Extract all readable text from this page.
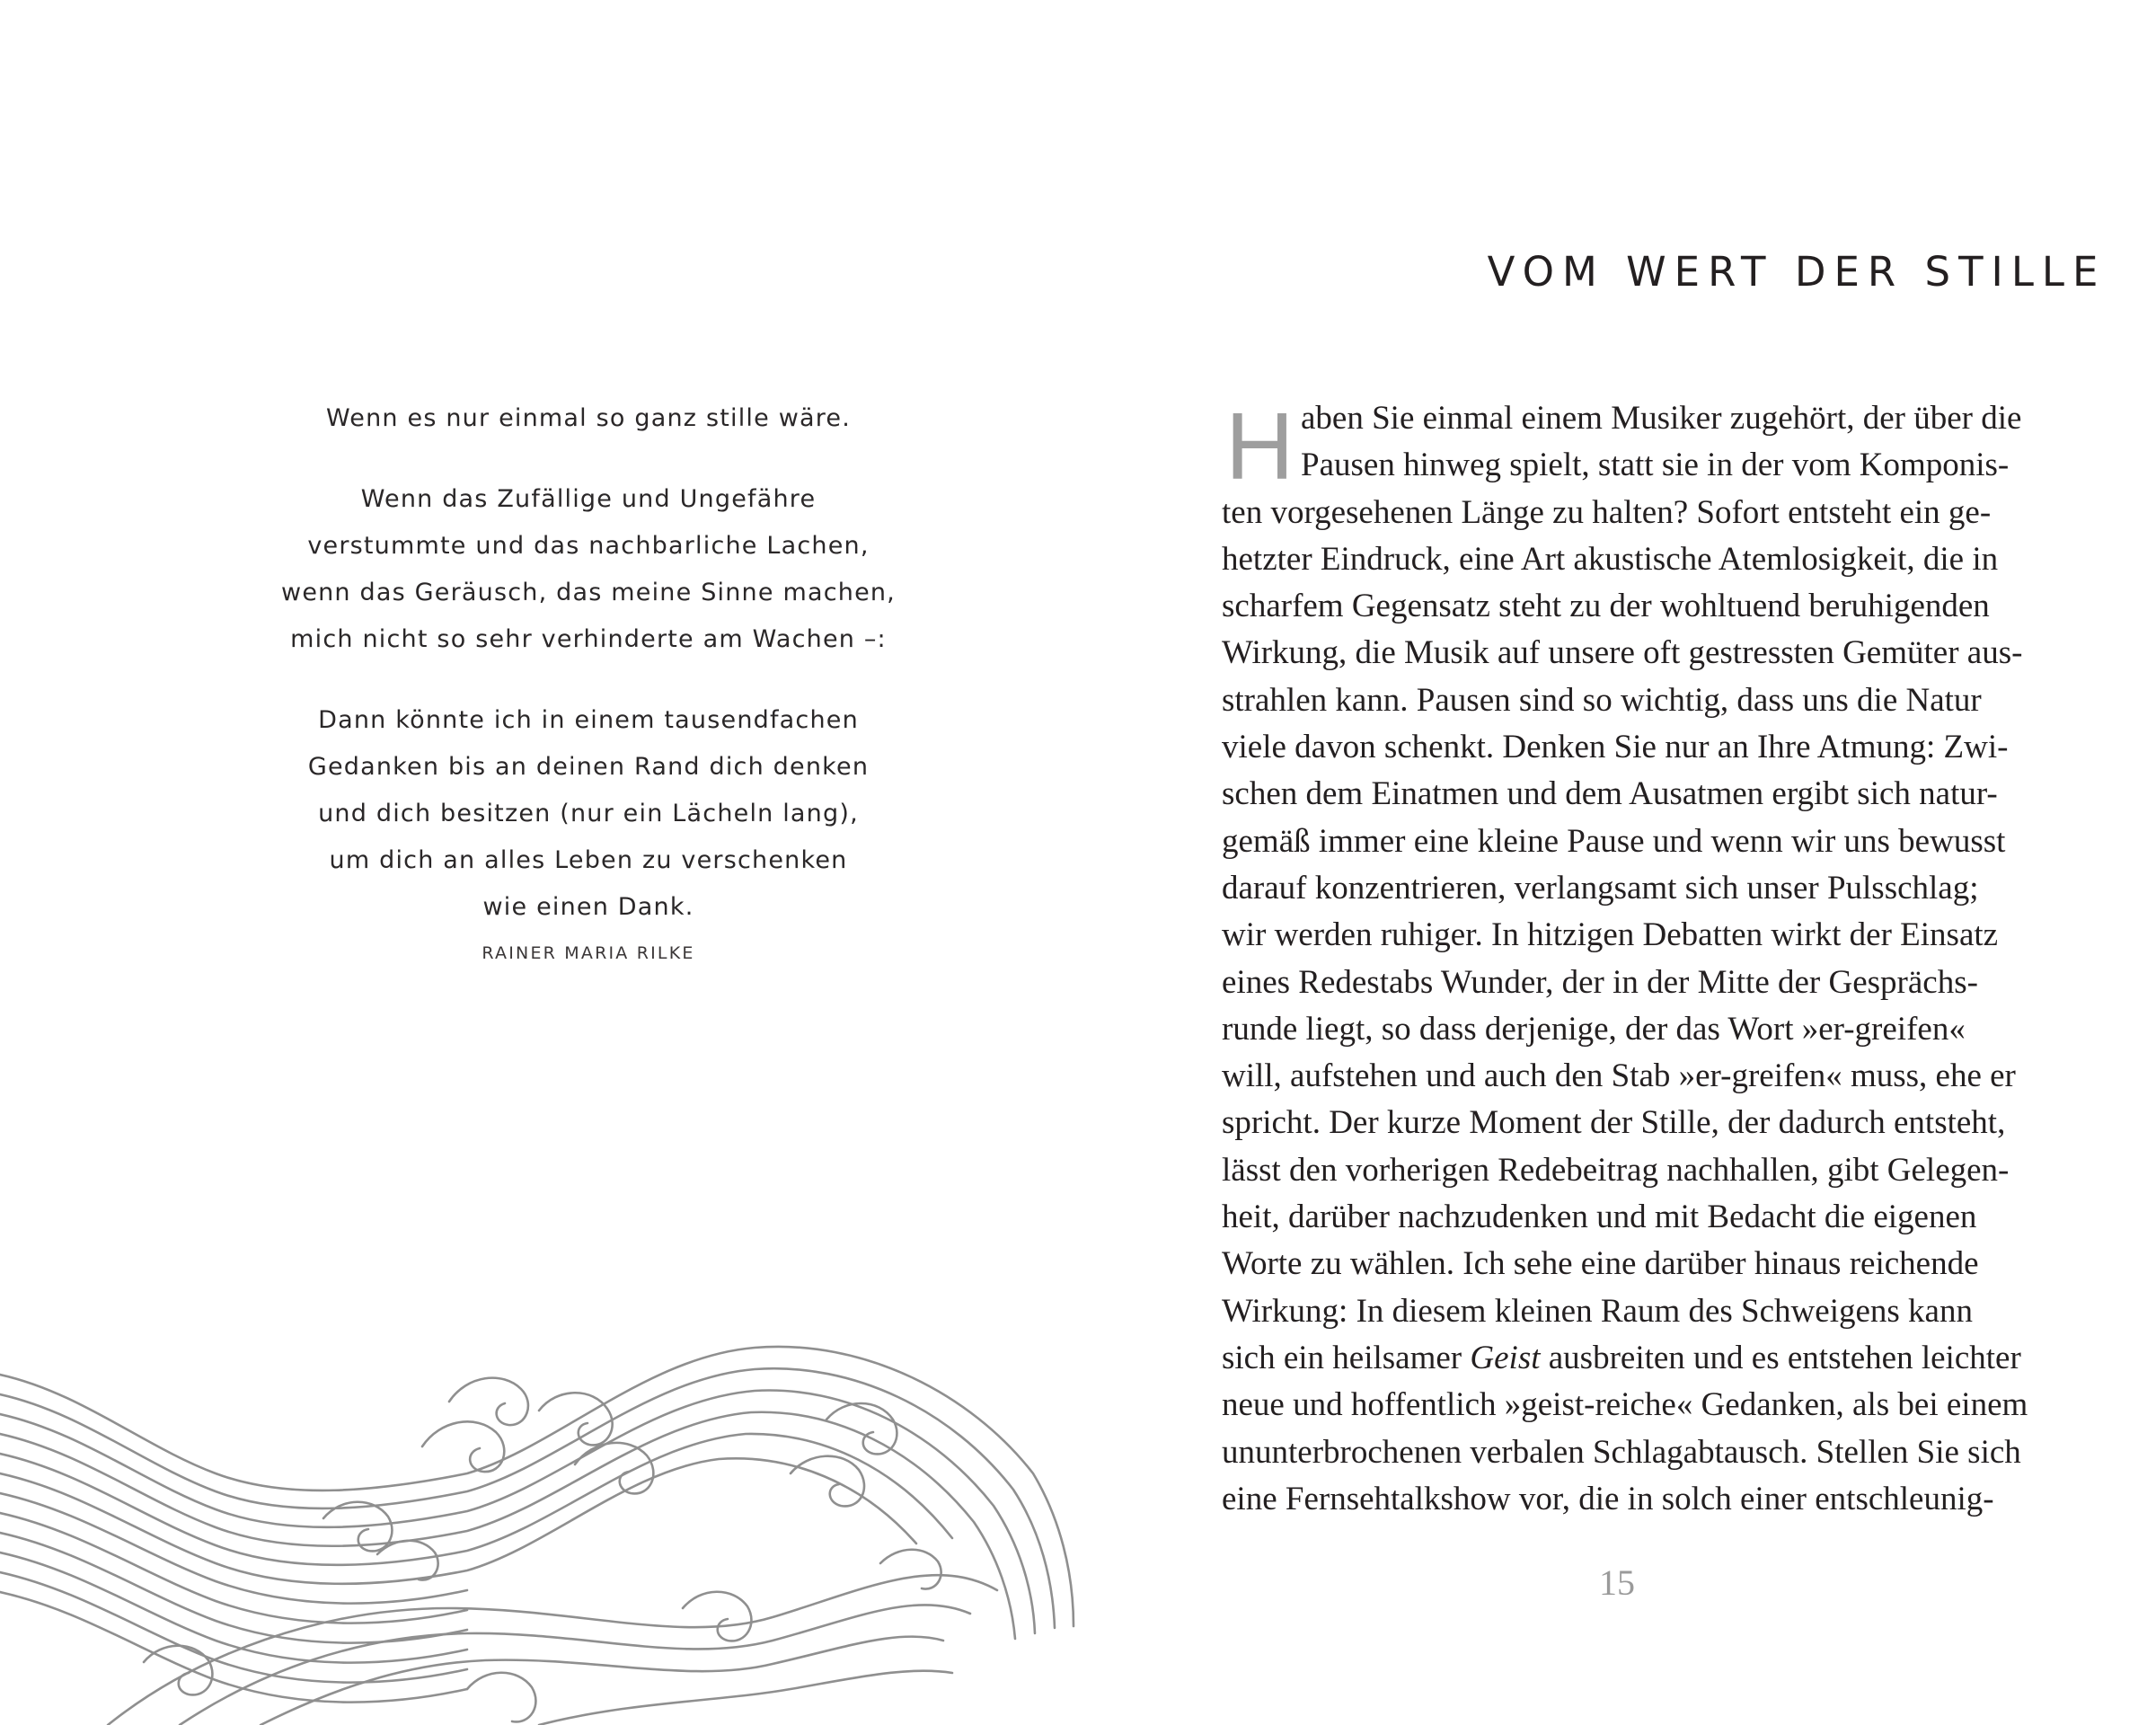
Wenn es nur einmal so ganz stille wäre.

Wenn das Zufällige und Ungefähre
verstummte und das nachbarliche Lachen,
wenn das Geräusch, das meine Sinne machen,
mich nicht so sehr verhinderte am Wachen –:

Dann könnte ich in einem tausendfachen
Gedanken bis an deinen Rand dich denken
und dich besitzen (nur ein Lächeln lang),
um dich an alles Leben zu verschenken
wie einen Dank.

RAINER MARIA RILKE
VOM WERT DER STILLE
H aben Sie einmal einem Musiker zugehört, der über die
Pausen hinweg spielt, statt sie in der vom Komponis-
ten vorgesehenen Länge zu halten? Sofort entsteht ein ge-
hetzter Eindruck, eine Art akustische Atemlosigkeit, die in
scharfem Gegensatz steht zu der wohltuend beruhigenden
Wirkung, die Musik auf unsere oft gestressten Gemüter aus-
strahlen kann. Pausen sind so wichtig, dass uns die Natur
viele davon schenkt. Denken Sie nur an Ihre Atmung: Zwi-
schen dem Einatmen und dem Ausatmen ergibt sich natur-
gemäß immer eine kleine Pause und wenn wir uns bewusst
darauf konzentrieren, verlangsamt sich unser Pulsschlag;
wir werden ruhiger. In hitzigen Debatten wirkt der Einsatz
eines Redestabs Wunder, der in der Mitte der Gesprächs-
runde liegt, so dass derjenige, der das Wort »er-greifen«
will, aufstehen und auch den Stab »er-greifen« muss, ehe er
spricht. Der kurze Moment der Stille, der dadurch entsteht,
lässt den vorherigen Redebeitrag nachhallen, gibt Gelegen-
heit, darüber nachzudenken und mit Bedacht die eigenen
Worte zu wählen. Ich sehe eine darüber hinaus reichende
Wirkung: In diesem kleinen Raum des Schweigens kann
sich ein heilsamer Geist ausbreiten und es entstehen leichter
neue und hoffentlich »geist-reiche« Gedanken, als bei einem
ununterbrochenen verbalen Schlagabtausch. Stellen Sie sich
eine Fernsehtalkshow vor, die in solch einer entschleunig-
15
